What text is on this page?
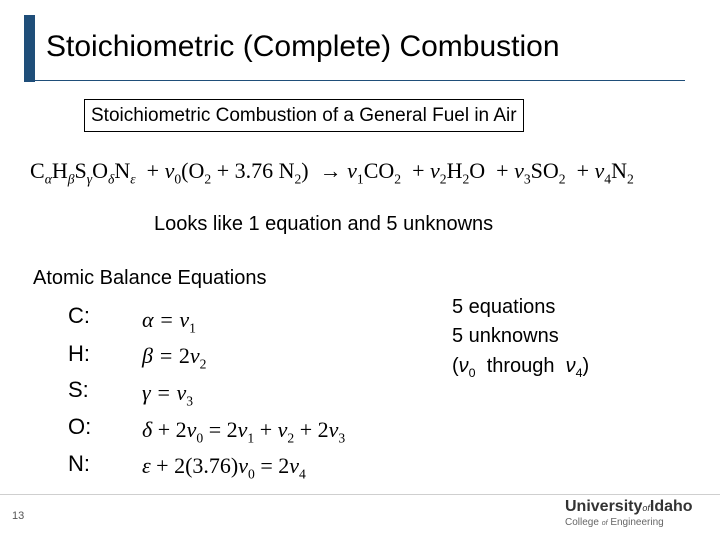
Stoichiometric (Complete) Combustion
Stoichiometric Combustion of a General Fuel in Air
$C_\alpha H_\beta S_\gamma O_\delta N_\varepsilon + \nu_0(O_2 + 3.76$ $N_2) \to \nu_1CO_2 + \nu_2H_2O + \nu_3SO_2 + \nu_4N_2$
Looks like 1 equation and 5 unknowns
Atomic Balance Equations
C:
H:
S:
O:
N:
$\alpha = \nu_1$
$\beta = 2\nu_2$
$\gamma = \nu_3$
$\delta + 2\nu_0 = 2\nu_1 + \nu_2 + 2\nu_3$
$\varepsilon + 2(3.76)\nu_0 = 2\nu_4$
5 equations
5 unknowns
($\nu_0$  through  $\nu_4$)
13
UniversityofIdaho
College of Engineering
